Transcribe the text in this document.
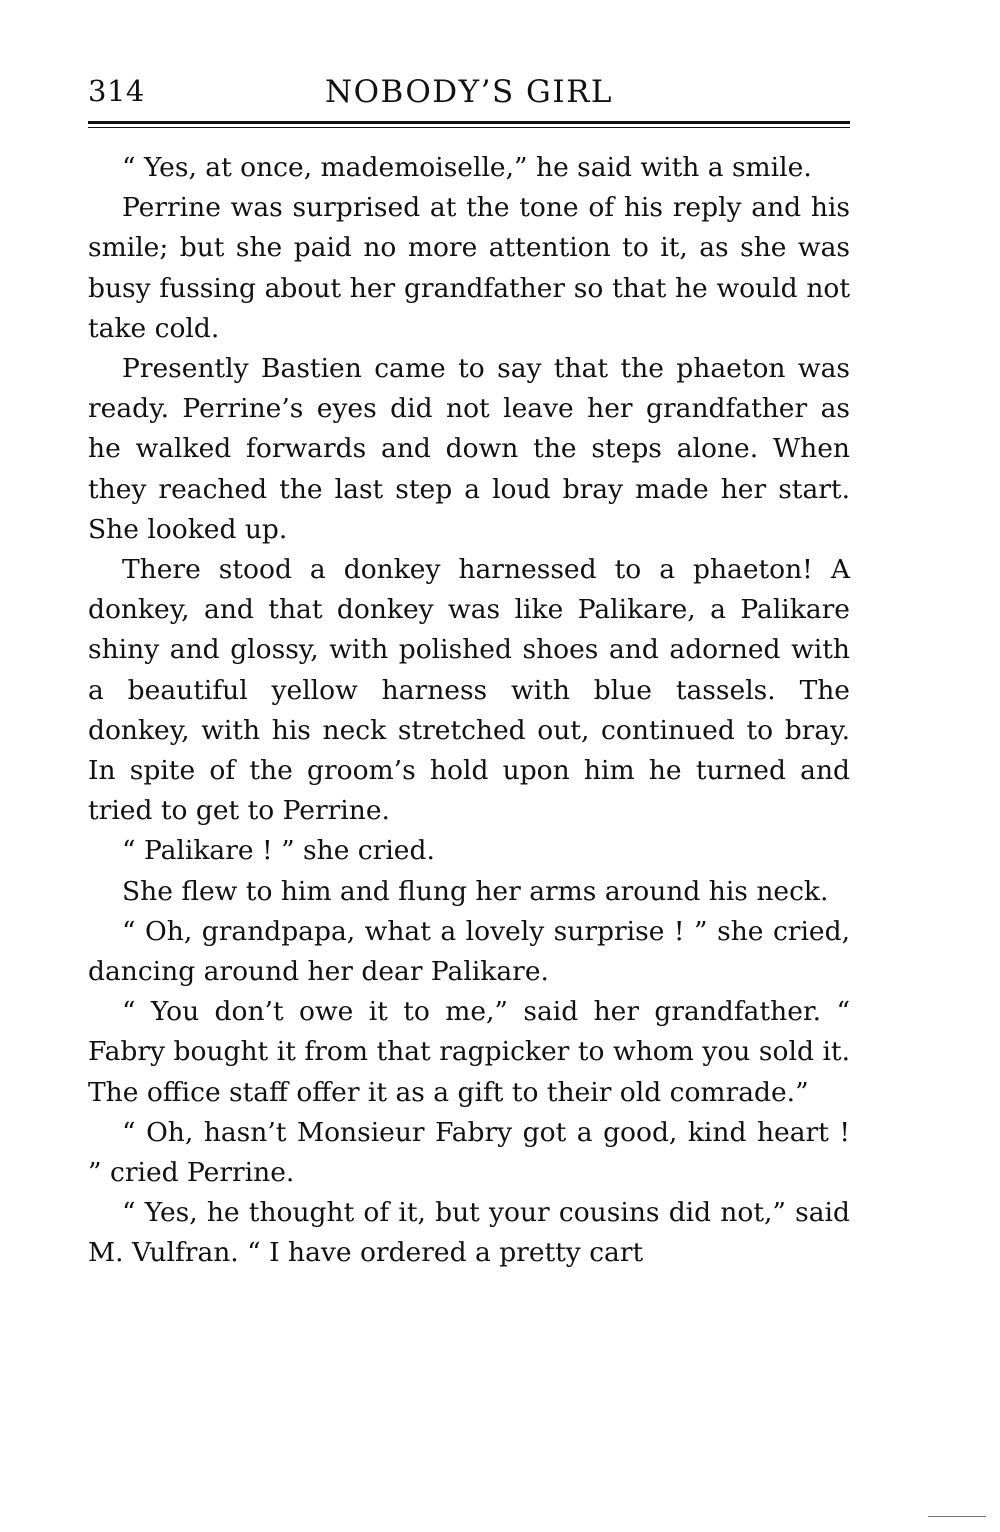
314	NOBODY’S GIRL

“ Yes, at once, mademoiselle,” he said with a smile.

Perrine was surprised at the tone of his reply and his smile; but she paid no more attention to it, as she was busy fussing about her grandfather so that he would not take cold.

Presently Bastien came to say that the phaeton was ready. Perrine’s eyes did not leave her grandfather as he walked forwards and down the steps alone. When they reached the last step a loud bray made her start. She looked up.

There stood a donkey harnessed to a phaeton! A donkey, and that donkey was like Palikare, a Palikare shiny and glossy, with polished shoes and adorned with a beautiful yellow harness with blue tassels. The donkey, with his neck stretched out, continued to bray. In spite of the groom’s hold upon him he turned and tried to get to Perrine.

“ Palikare ! ” she cried.

She flew to him and flung her arms around his neck.

“ Oh, grandpapa, what a lovely surprise ! ” she cried, dancing around her dear Palikare.

“ You don’t owe it to me,” said her grandfather. “ Fabry bought it from that ragpicker to whom you sold it. The office staff offer it as a gift to their old comrade.”

“ Oh, hasn’t Monsieur Fabry got a good, kind heart ! ” cried Perrine.

“ Yes, he thought of it, but your cousins did not,” said M. Vulfran. “ I have ordered a pretty cart
